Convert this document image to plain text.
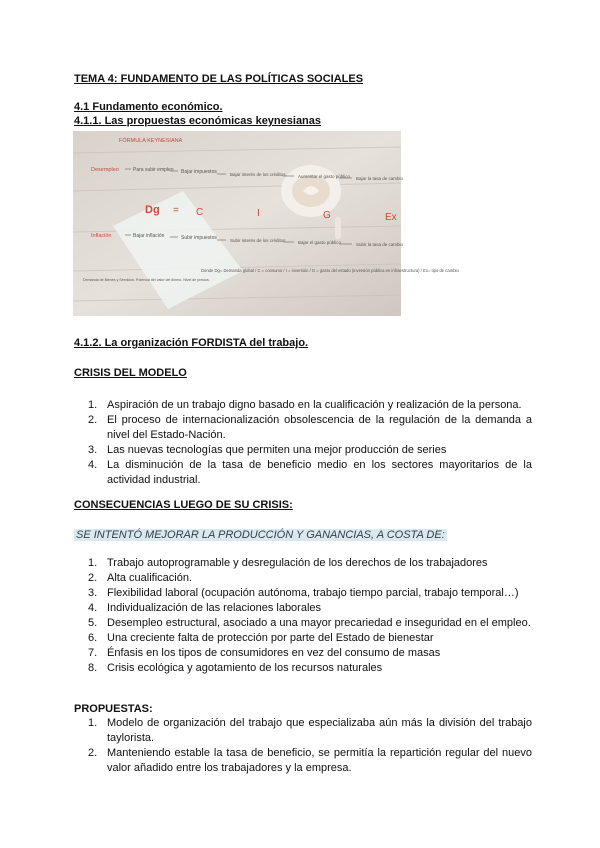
TEMA 4: FUNDAMENTO DE LAS POLÍTICAS SOCIALES
4.1 Fundamento económico.
4.1.1. Las propuestas económicas keynesianas
FÓRMULA KEYNESIANA
Desempleo	Para subir empleo Bajar impuestos	Bajar interés de los créditos	Aumentar el gasto público Bajar la tasa de cambio
Dg = C	I	G	Ex
Inflación	Bajar inflación	Subir impuestos	Subir interés de los créditos	Bajar el gasto público	Subir la tasa de cambio
Demanda de Bienes y Servicios. Potencia del valor del dinero. Nivel de precios.
Donde Dg= Demanda global / C = consumo / I = inversión / G = gasto del estado (inversión pública en infraestructura) / Ex= tipo de cambio
4.1.2. La organización FORDISTA del trabajo.
CRISIS DEL MODELO
1. Aspiración de un trabajo digno basado en la cualificación y realización de la persona.
2. El proceso de internacionalización obsolescencia de la regulación de la demanda a nivel del Estado-Nación.
3. Las nuevas tecnologías que permiten una mejor producción de series
4. La disminución de la tasa de beneficio medio en los sectores mayoritarios de la actividad industrial.
CONSECUENCIAS LUEGO DE SU CRISIS:
SE INTENTÓ MEJORAR LA PRODUCCIÓN Y GANANCIAS, A COSTA DE:
1. Trabajo autoprogramable y desregulación de los derechos de los trabajadores
2. Alta cualificación.
3. Flexibilidad laboral (ocupación autónoma, trabajo tiempo parcial, trabajo temporal…)
4. Individualización de las relaciones laborales
5. Desempleo estructural, asociado a una mayor precariedad e inseguridad en el empleo.
6. Una creciente falta de protección por parte del Estado de bienestar
7. Énfasis en los tipos de consumidores en vez del consumo de masas
8. Crisis ecológica y agotamiento de los recursos naturales
PROPUESTAS:
1. Modelo de organización del trabajo que especializaba aún más la división del trabajo taylorista.
2. Manteniendo estable la tasa de beneficio, se permitía la repartición regular del nuevo valor añadido entre los trabajadores y la empresa.
